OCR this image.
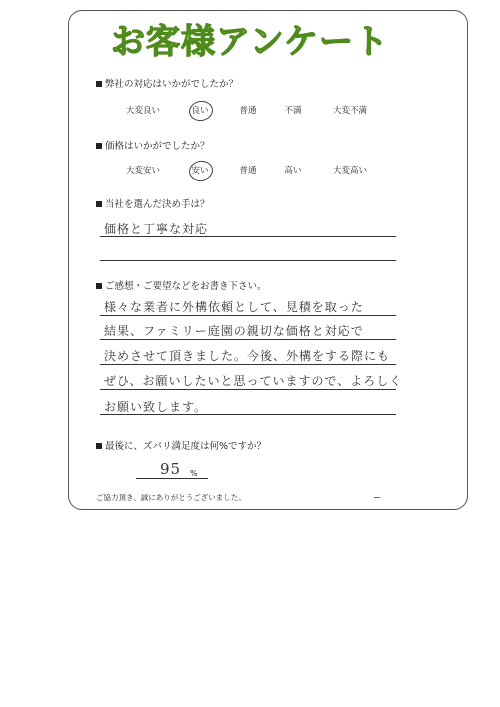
お客様アンケート
弊社の対応はいかがでしたか？
大変良い	良い	普通	不満	大変不満
価格はいかがでしたか？
大変安い	安い	普通	高い	大変高い
当社を選んだ決め手は？
価格と丁寧な対応
ご感想・ご要望などをお書き下さい。
様々な業者に外構依頼として、見積を取った
結果、ファミリー庭園の親切な価格と対応で
決めさせて頂きました。今後、外構をする際にも
ぜひ、お願いしたいと思っていますので、よろしく
お願い致します。
最後に、ズバリ満足度は何%ですか？
95 %
ご協力頂き、誠にありがとうございました。
